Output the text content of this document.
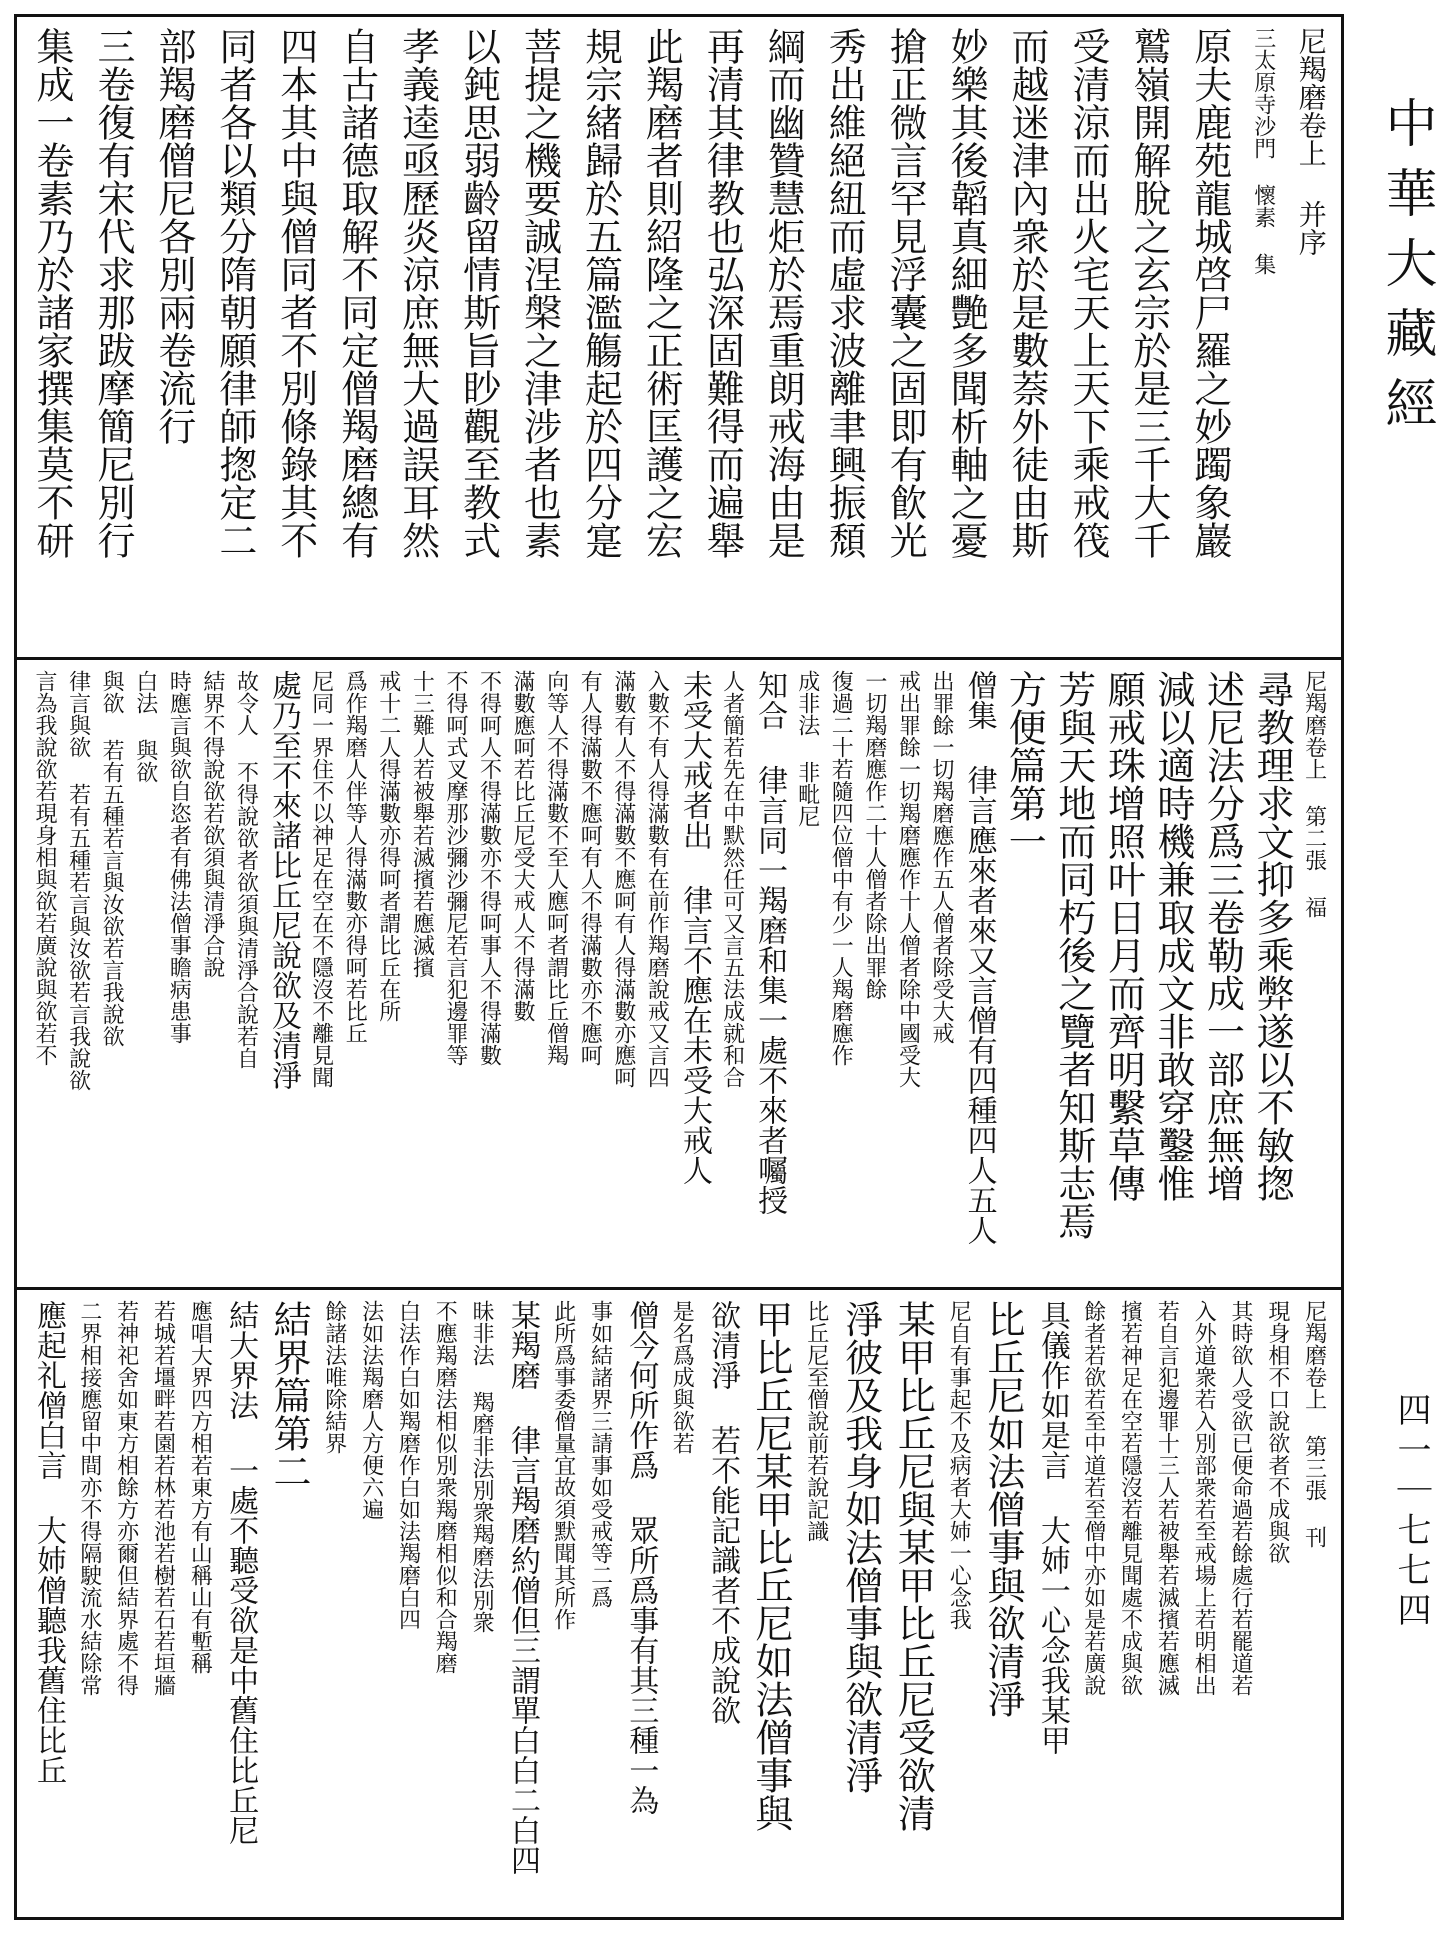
尼羯磨卷上 并序
三太原寺沙門 懷素 集
原夫鹿苑龍城啓尸羅之妙躅象巖
鷲嶺開解脫之玄宗於是三千大千
受清涼而出火宅天上天下乘戒筏
而越迷津內衆於是數萘外徒由斯
妙樂其後韜真細艷多聞析軸之憂
搶正微言罕見浮囊之固即有飮光
秀出維絕紐而虛求波離聿興振頹
綱而幽贊慧炬於焉重朗戒海由是
再清其律教也弘深固難得而遍舉
此羯磨者則紹隆之正術匡護之宏
規宗緒歸於五篇濫觴起於四分寔
菩提之機要誠涅槃之津涉者也素
以鈍思弱齡留情斯旨眇觀至教式
孝義逵亟歷炎涼庶無大過誤耳然
自古諸德取解不同定僧羯磨總有
四本其中與僧同者不別條錄其不
同者各以類分隋朝願律師揔定二
部羯磨僧尼各別兩卷流行
三卷復有宋代求那跋摩簡尼別行
集成一卷素乃於諸家撰集莫不研
尼羯磨卷上 第二張 福
尋教理求文抑多乘弊遂以不敏揔
述尼法分爲三卷勒成一部庶無增
減以適時機兼取成文非敢穿鑿惟
願戒珠增照叶日月而齊明繫草傳
芳與天地而同朽後之覽者知斯志焉
方便篇第一
僧集 律言應來者來又言僧有四種四人五人
出罪餘一切羯磨應作五人僧者除受大戒
戒出罪餘一切羯磨應作十人僧者除中國受大
一切羯磨應作二十人僧者除出罪餘
復過二十若隨四位僧中有少一人羯磨應作
成非法 非毗尼
知合 律言同一羯磨和集一處不來者囑授
人者簡若先在中默然任可又言五法成就和合
未受大戒者出 律言不應在未受大戒人
入數不有人得滿數有在前作羯磨說戒又言四
滿數有人不得滿數不應呵有人得滿數亦應呵
有人得滿數不應呵有人不得滿數亦不應呵
向等人不得滿數不至人應呵者謂比丘僧羯
滿數應呵若比丘尼受大戒人不得滿數
不得呵人不得滿數亦不得呵事人不得滿數
不得呵式叉摩那沙彌沙彌尼若言犯邊罪等
十三難人若被舉若滅擯若應滅擯
戒十二人得滿數亦得呵者謂比丘在所
爲作羯磨人伴等人得滿數亦得呵若比丘
尼同一界住不以神足在空在不隱沒不離見聞
處乃至不來諸比丘尼說欲及清淨
故令人 不得說欲者欲須與清淨合說若自
結界不得說欲若欲須與清淨合說
時應言與欲自恣者有佛法僧事瞻病患事
白法 與欲
與欲 若有五種若言與汝欲若言我說欲
律言與欲 若有五種若言與汝欲若言我說欲
言為我說欲若現身相與欲若廣說與欲若不
尼羯磨卷上 第三張 刊
現身相不口說欲者不成與欲
其時欲人受欲已便命過若餘處行若罷道若
入外道衆若入別部衆若至戒場上若明相出
若自言犯邊罪十三人若被舉若滅擯若應滅
擯若神足在空若隱沒若離見聞處不成與欲
餘者若欲若至中道若至僧中亦如是若廣說
具儀作如是言 大姉一心念我某甲
比丘尼如法僧事與欲清淨
尼自有事起不及病者大姉一心念我
某甲比丘尼與某甲比丘尼受欲清
淨彼及我身如法僧事與欲清淨
比丘尼至僧說前若說記識
甲比丘尼某甲比丘尼如法僧事與
欲清淨 若不能記識者不成說欲
是名爲成與欲若
僧今何所作爲 眾所爲事有其三種一為
事如結諸界三請事如受戒等二爲
此所爲事委僧量宜故須默聞其所作
某羯磨 律言羯磨約僧但三謂單白白二白四
昧非法 羯磨非法別衆羯磨法別衆
不應羯磨法相似別衆羯磨相似和合羯磨
白法作白如羯磨作白如法羯磨白四
法如法羯磨人方便六遍
餘諸法唯除結界
結界篇第二
結大界法 一處不聽受欲是中舊住比丘尼
應唱大界四方相若東方有山稱山有塹稱
若城若壃畔若園若林若池若樹若石若垣牆
若神祀舍如東方相餘方亦爾但結界處不得
二界相接應留中間亦不得隔駛流水結除常
應起礼僧白言 大姉僧聽我舊住比丘
中華大藏經
四一｜七七四
